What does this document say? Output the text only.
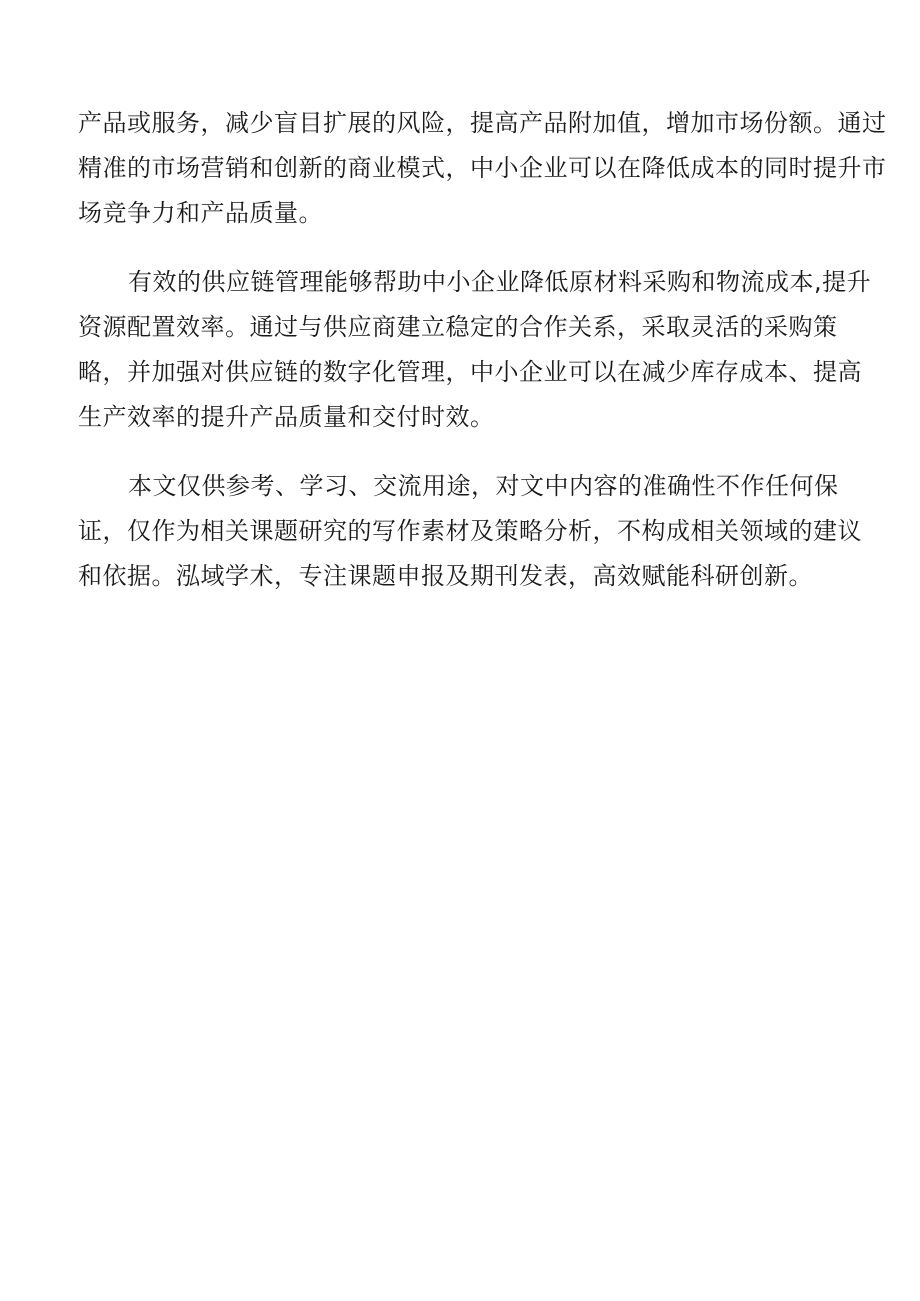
产品或服务，减少盲目扩展的风险，提高产品附加值，增加市场份额。通过
精准的市场营销和创新的商业模式，中小企业可以在降低成本的同时提升市
场竞争力和产品质量。

有效的供应链管理能够帮助中小企业降低原材料采购和物流成本,提升
资源配置效率。通过与供应商建立稳定的合作关系，采取灵活的采购策
略，并加强对供应链的数字化管理，中小企业可以在减少库存成本、提高
生产效率的提升产品质量和交付时效。

本文仅供参考、学习、交流用途，对文中内容的准确性不作任何保
证，仅作为相关课题研究的写作素材及策略分析，不构成相关领域的建议
和依据。泓域学术，专注课题申报及期刊发表，高效赋能科研创新。
